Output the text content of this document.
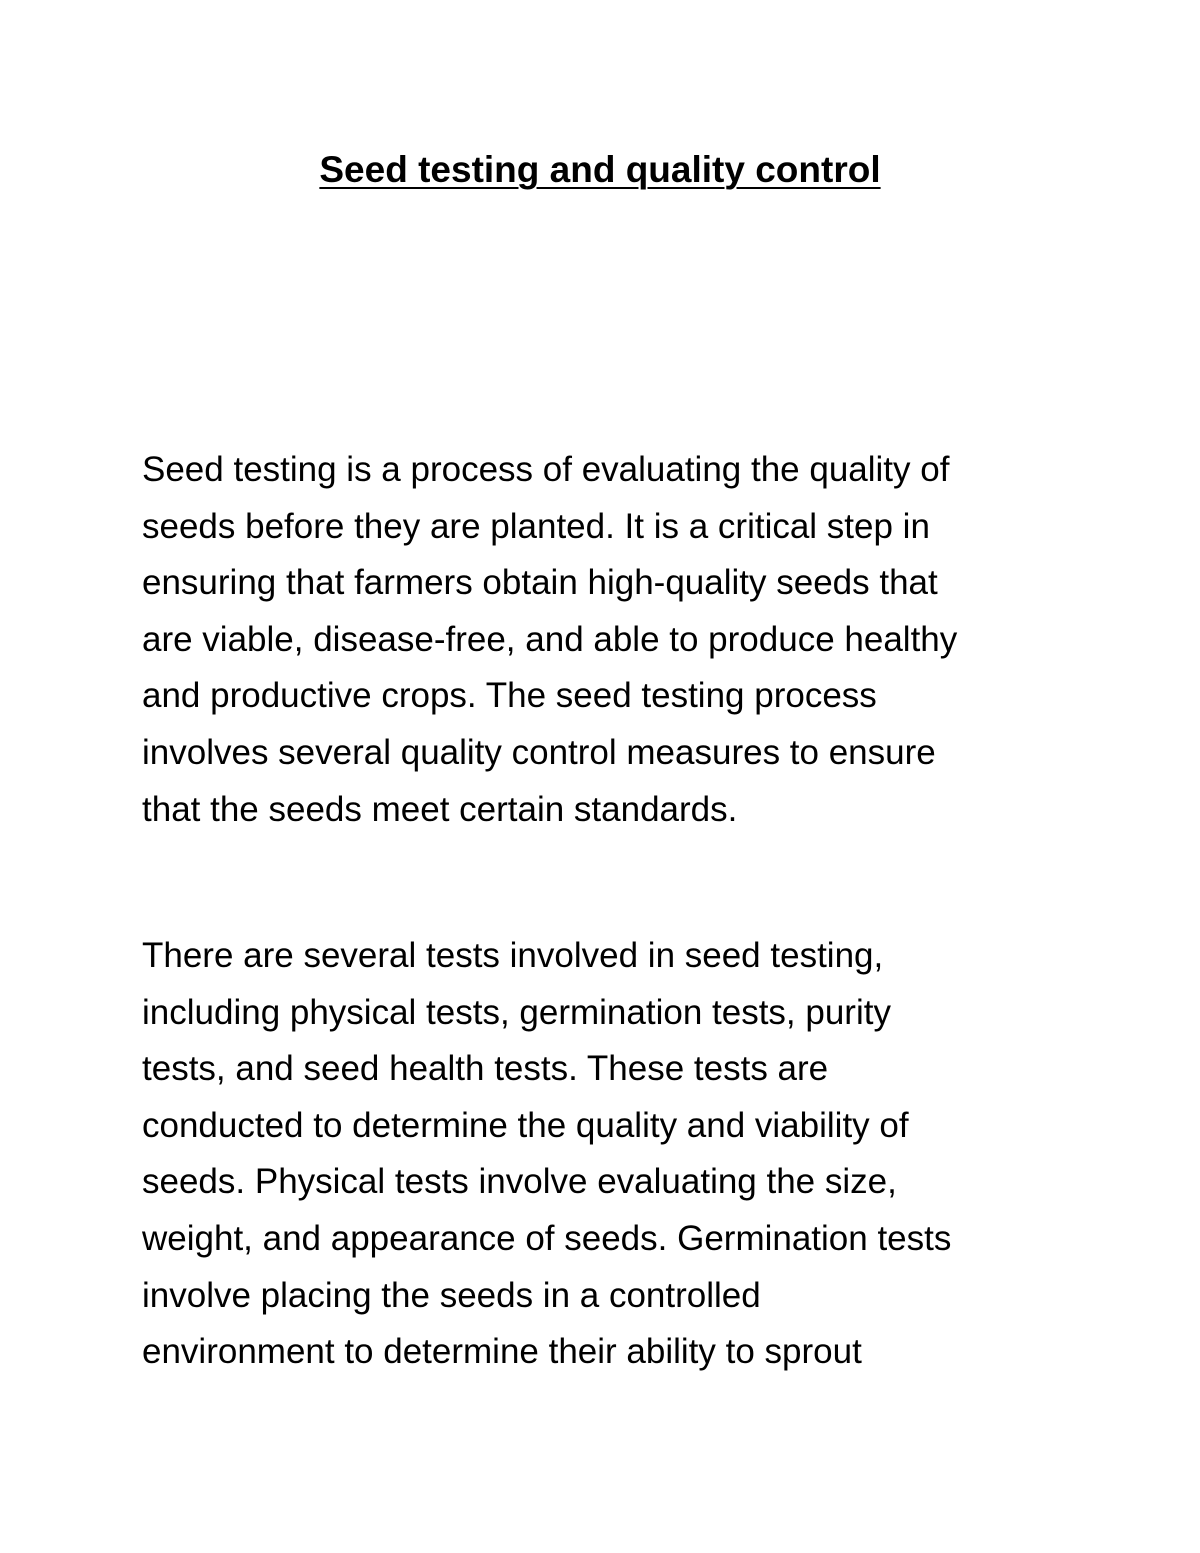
Seed testing and quality control

Seed testing is a process of evaluating the quality of
seeds before they are planted. It is a critical step in
ensuring that farmers obtain high-quality seeds that
are viable, disease-free, and able to produce healthy
and productive crops. The seed testing process
involves several quality control measures to ensure
that the seeds meet certain standards.

There are several tests involved in seed testing,
including physical tests, germination tests, purity
tests, and seed health tests. These tests are
conducted to determine the quality and viability of
seeds. Physical tests involve evaluating the size,
weight, and appearance of seeds. Germination tests
involve placing the seeds in a controlled
environment to determine their ability to sprout
